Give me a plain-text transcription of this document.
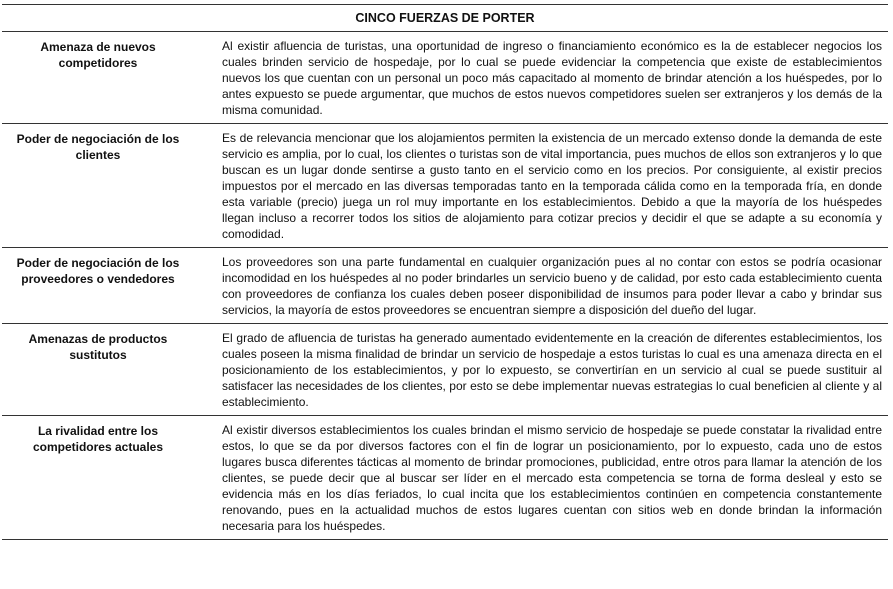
CINCO FUERZAS DE PORTER	
Amenaza de nuevos competidores	Al existir afluencia de turistas, una oportunidad de ingreso o financiamiento económico es la de establecer negocios los cuales brinden servicio de hospedaje, por lo cual se puede evidenciar la competencia que existe de establecimientos nuevos los que cuentan con un personal un poco más capacitado al momento de brindar atención a los huéspedes, por lo antes expuesto se puede argumentar, que muchos de estos nuevos competidores suelen ser extranjeros y los demás de la misma comunidad.
Poder de negociación de los clientes	Es de relevancia mencionar que los alojamientos permiten la existencia de un mercado extenso donde la demanda de este servicio es amplia, por lo cual, los clientes o turistas son de vital importancia, pues muchos de ellos son extranjeros y lo que buscan es un lugar donde sentirse a gusto tanto en el servicio como en los precios. Por consiguiente, al existir precios impuestos por el mercado en las diversas temporadas tanto en la temporada cálida como en la temporada fría, en donde esta variable (precio) juega un rol muy importante en los establecimientos. Debido a que la mayoría de los huéspedes llegan incluso a recorrer todos los sitios de alojamiento para cotizar precios y decidir el que se adapte a su economía y comodidad.
Poder de negociación de los proveedores o vendedores	Los proveedores son una parte fundamental en cualquier organización pues al no contar con estos se podría ocasionar incomodidad en los huéspedes al no poder brindarles un servicio bueno y de calidad, por esto cada establecimiento cuenta con proveedores de confianza los cuales deben poseer disponibilidad de insumos para poder llevar a cabo y brindar sus servicios, la mayoría de estos proveedores se encuentran siempre a disposición del dueño del lugar.
Amenazas de productos sustitutos	El grado de afluencia de turistas ha generado aumentado evidentemente en la creación de diferentes establecimientos, los cuales poseen la misma finalidad de brindar un servicio de hospedaje a estos turistas lo cual es una amenaza directa en el posicionamiento de los establecimientos, y por lo expuesto, se convertirían en un servicio al cual se puede sustituir al satisfacer las necesidades de los clientes, por esto se debe implementar nuevas estrategias lo cual beneficien al cliente y al establecimiento.
La rivalidad entre los competidores actuales	Al existir diversos establecimientos los cuales brindan el mismo servicio de hospedaje se puede constatar la rivalidad entre estos, lo que se da por diversos factores con el fin de lograr un posicionamiento, por lo expuesto, cada uno de estos lugares busca diferentes tácticas al momento de brindar promociones, publicidad, entre otros para llamar la atención de los clientes, se puede decir que al buscar ser líder en el mercado esta competencia se torna de forma desleal y esto se evidencia más en los días feriados, lo cual incita que los establecimientos continúen en competencia constantemente renovando, pues en la actualidad muchos de estos lugares cuentan con sitios web en donde brindan la información necesaria para los huéspedes.
